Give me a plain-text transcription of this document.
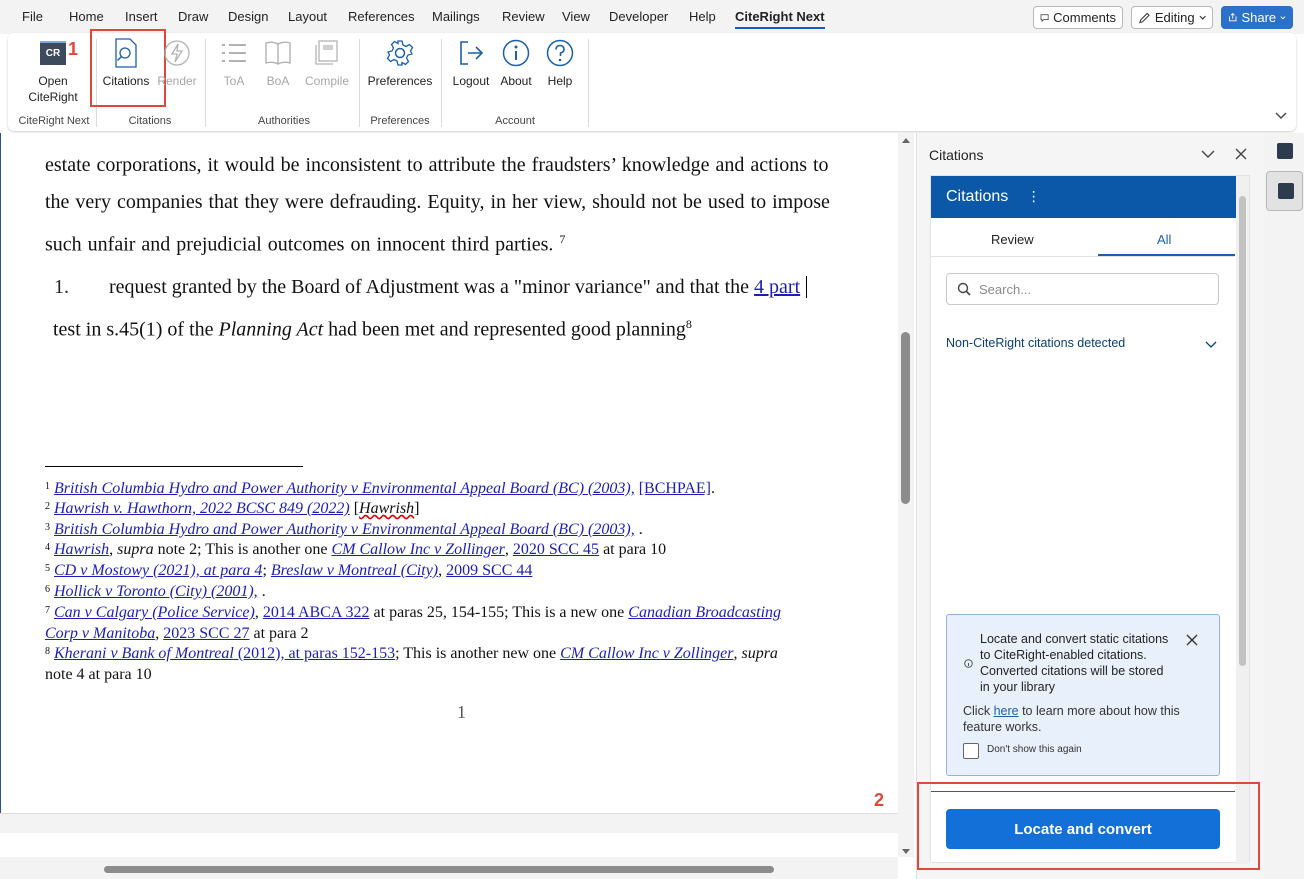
File Home Insert Draw Design Layout References Mailings Review View Developer Help CiteRight Next	Comments	Editing	Share
CR
Open
CiteRight
1
Citations Render ToA BoA Compile Preferences Logout About Help
CiteRight Next	Citations	Authorities	Preferences	Account

estate corporations, it would be inconsistent to attribute the fraudsters’ knowledge and actions to

the very companies that they were defrauding. Equity, in her view, should not be used to impose

such unfair and prejudicial outcomes on innocent third parties. $^7$

1. request granted by the Board of Adjustment was a "minor variance" and that the 4 part

test in s.45(1) of the Planning Act had been met and represented good planning$^8$

$^1$ British Columbia Hydro and Power Authority v Environmental Appeal Board (BC) (2003), [BCHPAE].

$^2$ Hawrish v. Hawthorn, 2022 BCSC 849 (2022) [Hawrish]

$^3$ British Columbia Hydro and Power Authority v Environmental Appeal Board (BC) (2003), .

$^4$ Hawrish, supra note 2; This is another one CM Callow Inc v Zollinger, 2020 SCC 45 at para 10

$^5$ CD v Mostowy (2021), at para 4; Breslaw v Montreal (City), 2009 SCC 44

$^6$ Hollick v Toronto (City) (2001), .

$^7$ Can v Calgary (Police Service), 2014 ABCA 322 at paras 25, 154-155; This is a new one Canadian Broadcasting
Corp v Manitoba, 2023 SCC 27 at para 2

$^8$ Kherani v Bank of Montreal (2012), at paras 152-153; This is another new one CM Callow Inc v Zollinger, supra
note 4 at para 10

1
2
Citations
Citations ⋮
Review	All
Search...
Non-CiteRight citations detected
Locate and convert static citations
to CiteRight-enabled citations.
Converted citations will be stored
in your library
Click here to learn more about how this
feature works.
Don't show this again
Locate and convert
